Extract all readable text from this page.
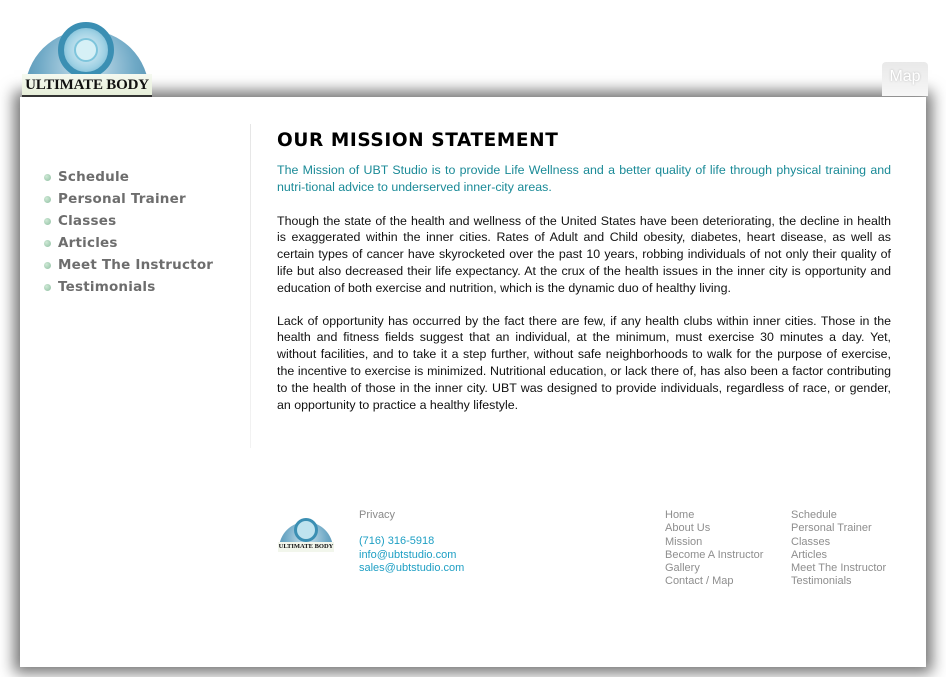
ULTIMATE BODY	Map
Schedule
Personal Trainer
Classes
Articles
Meet The Instructor
Testimonials
OUR MISSION STATEMENT
The Mission of UBT Studio is to provide Life Wellness and a better quality of life through physical training and nutri-tional advice to underserved inner-city areas.

Though the state of the health and wellness of the United States have been deteriorating, the decline in health is exaggerated within the inner cities. Rates of Adult and Child obesity, diabetes, heart disease, as well as certain types of cancer have skyrocketed over the past 10 years, robbing individuals of not only their quality of life but also decreased their life expectancy. At the crux of the health issues in the inner city is opportunity and education of both exercise and nutrition, which is the dynamic duo of healthy living.

Lack of opportunity has occurred by the fact there are few, if any health clubs within inner cities. Those in the health and fitness fields suggest that an individual, at the minimum, must exercise 30 minutes a day. Yet, without facilities, and to take it a step further, without safe neighborhoods to walk for the purpose of exercise, the incentive to exercise is minimized. Nutritional education, or lack there of, has also been a factor contributing to the health of those in the inner city. UBT was designed to provide individuals, regardless of race, or gender, an opportunity to practice a healthy lifestyle.

ULTIMATE BODY
Privacy
(716) 316-5918
info@ubtstudio.com
sales@ubtstudio.com
Home
About Us
Mission
Become A Instructor
Gallery
Contact / Map
Schedule
Personal Trainer
Classes
Articles
Meet The Instructor
Testimonials
